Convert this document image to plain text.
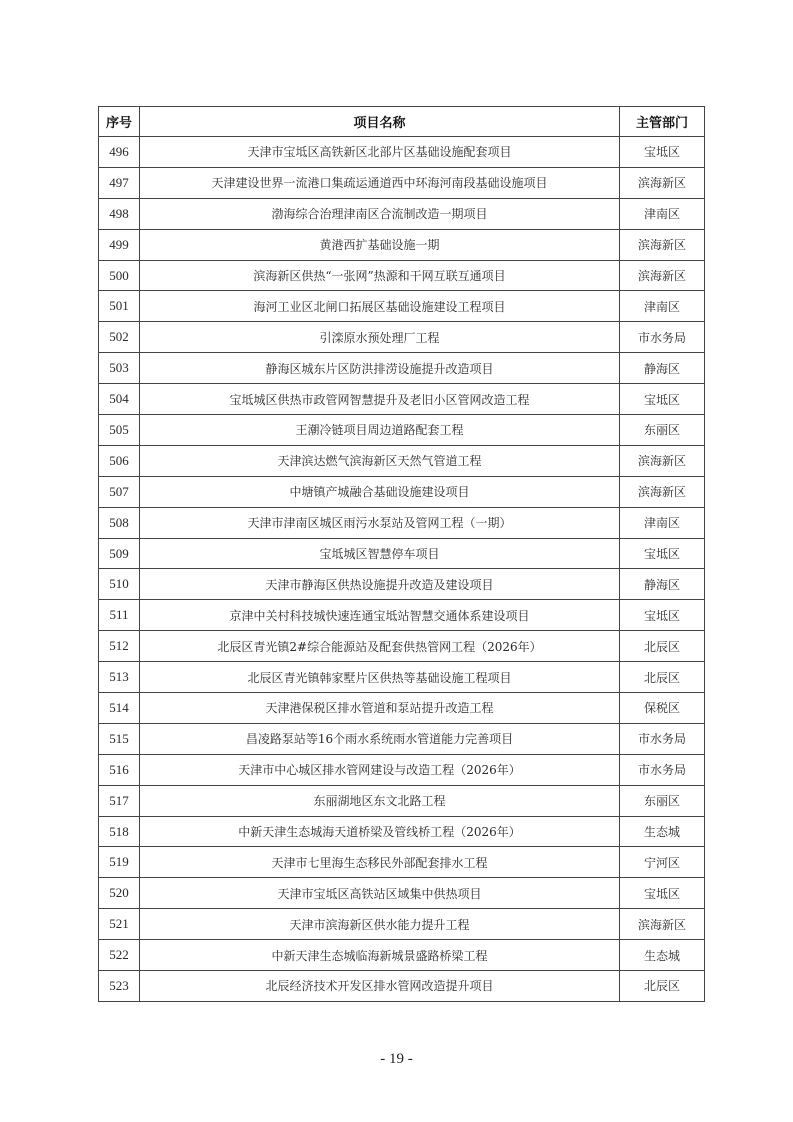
序号	项目名称	主管部门
496	天津市宝坻区高铁新区北部片区基础设施配套项目	宝坻区
497	天津建设世界一流港口集疏运通道西中环海河南段基础设施项目	滨海新区
498	渤海综合治理津南区合流制改造一期项目	津南区
499	黄港西扩基础设施一期	滨海新区
500	滨海新区供热“一张网”热源和干网互联互通项目	滨海新区
501	海河工业区北闸口拓展区基础设施建设工程项目	津南区
502	引滦原水预处理厂工程	市水务局
503	静海区城东片区防洪排涝设施提升改造项目	静海区
504	宝坻城区供热市政管网智慧提升及老旧小区管网改造工程	宝坻区
505	王潮冷链项目周边道路配套工程	东丽区
506	天津滨达燃气滨海新区天然气管道工程	滨海新区
507	中塘镇产城融合基础设施建设项目	滨海新区
508	天津市津南区城区雨污水泵站及管网工程（一期）	津南区
509	宝坻城区智慧停车项目	宝坻区
510	天津市静海区供热设施提升改造及建设项目	静海区
511	京津中关村科技城快速连通宝坻站智慧交通体系建设项目	宝坻区
512	北辰区青光镇2#综合能源站及配套供热管网工程（2026年）	北辰区
513	北辰区青光镇韩家墅片区供热等基础设施工程项目	北辰区
514	天津港保税区排水管道和泵站提升改造工程	保税区
515	昌凌路泵站等16个雨水系统雨水管道能力完善项目	市水务局
516	天津市中心城区排水管网建设与改造工程（2026年）	市水务局
517	东丽湖地区东文北路工程	东丽区
518	中新天津生态城海天道桥梁及管线桥工程（2026年）	生态城
519	天津市七里海生态移民外部配套排水工程	宁河区
520	天津市宝坻区高铁站区域集中供热项目	宝坻区
521	天津市滨海新区供水能力提升工程	滨海新区
522	中新天津生态城临海新城景盛路桥梁工程	生态城
523	北辰经济技术开发区排水管网改造提升项目	北辰区
- 19 -
